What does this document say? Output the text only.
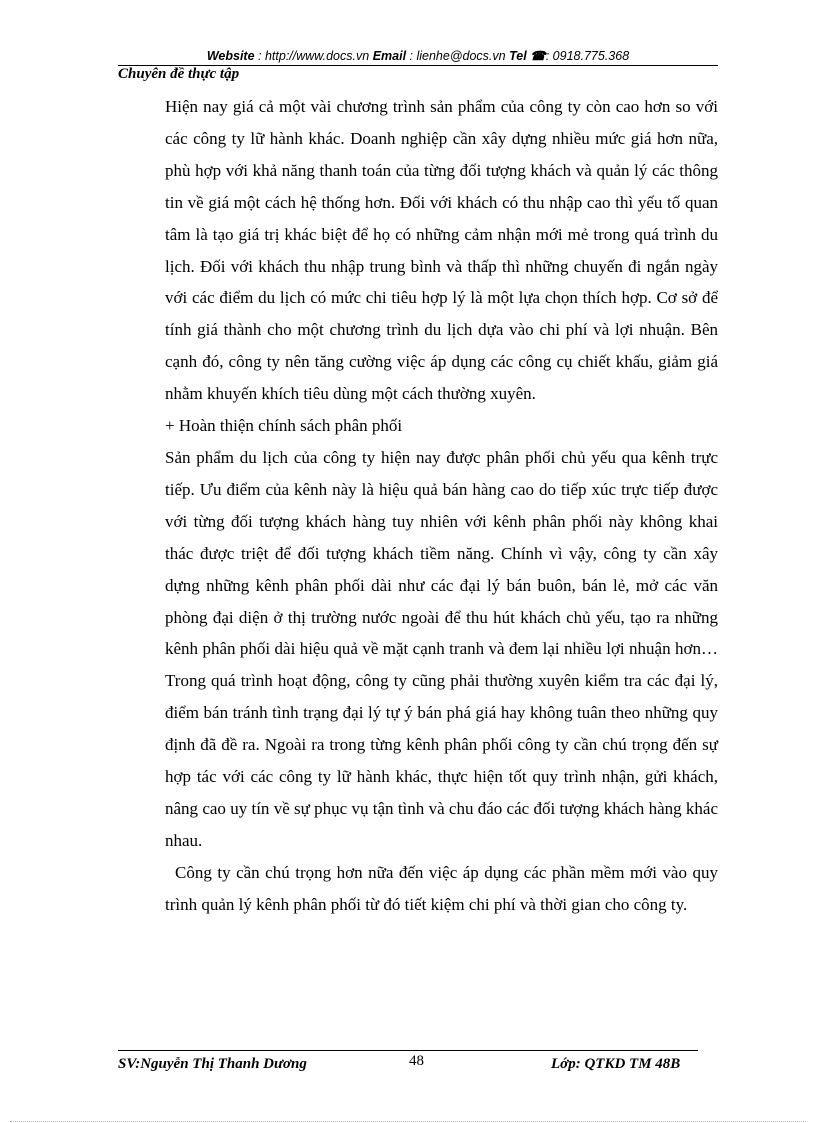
Website : http://www.docs.vn Email : lienhe@docs.vn Tel ☎: 0918.775.368
Chuyên đề thực tập

Hiện nay giá cả một vài chương trình sản phẩm của công ty còn cao hơn so với các công ty lữ hành khác. Doanh nghiệp cần xây dựng nhiều mức giá hơn nữa, phù hợp với khả năng thanh toán của từng đối tượng khách và quản lý các thông tin về giá một cách hệ thống hơn. Đối với khách có thu nhập cao thì yếu tố quan tâm là tạo giá trị khác biệt để họ có những cảm nhận mới mẻ trong quá trình du lịch. Đối với khách thu nhập trung bình và thấp thì những chuyến đi ngắn ngày với các điểm du lịch có mức chi tiêu hợp lý là một lựa chọn thích hợp. Cơ sở để tính giá thành cho một chương trình du lịch dựa vào chi phí và lợi nhuận. Bên cạnh đó, công ty nên tăng cường việc áp dụng các công cụ chiết khấu, giảm giá nhằm khuyến khích tiêu dùng một cách thường xuyên.

+ Hoàn thiện chính sách phân phối

Sản phẩm du lịch của công ty hiện nay được phân phối chủ yếu qua kênh trực tiếp. Ưu điểm của kênh này là hiệu quả bán hàng cao do tiếp xúc trực tiếp được với từng đối tượng khách hàng tuy nhiên với kênh phân phối này không khai thác được triệt để đối tượng khách tiềm năng. Chính vì vậy, công ty cần xây dựng những kênh phân phối dài như các đại lý bán buôn, bán lẻ, mở các văn phòng đại diện ở thị trường nước ngoài để thu hút khách chủ yếu, tạo ra những kênh phân phối dài hiệu quả về mặt cạnh tranh và đem lại nhiều lợi nhuận hơn… Trong quá trình hoạt động, công ty cũng phải thường xuyên kiểm tra các đại lý, điểm bán tránh tình trạng đại lý tự ý bán phá giá hay không tuân theo những quy định đã đề ra. Ngoài ra trong từng kênh phân phối công ty cần chú trọng đến sự hợp tác với các công ty lữ hành khác, thực hiện tốt quy trình nhận, gửi khách, nâng cao uy tín về sự phục vụ tận tình và chu đáo các đối tượng khách hàng khác nhau.

Công ty cần chú trọng hơn nữa đến việc áp dụng các phần mềm mới vào quy trình quản lý kênh phân phối từ đó tiết kiệm chi phí và thời gian cho công ty.

SV:Nguyễn Thị Thanh Dương	48	Lớp: QTKD TM 48B
